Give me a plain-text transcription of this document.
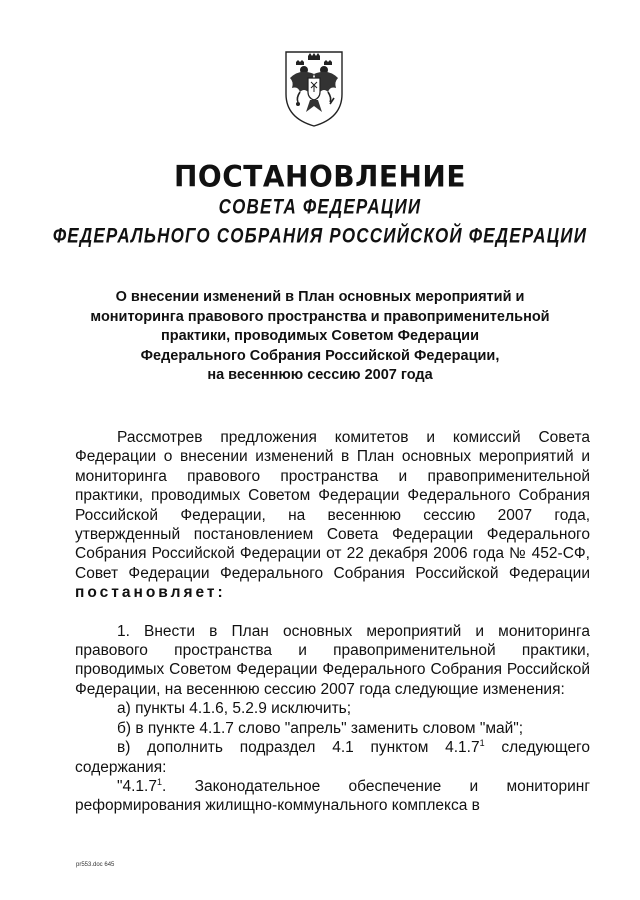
ПОСТАНОВЛЕНИЕ
СОВЕТА ФЕДЕРАЦИИ
ФЕДЕРАЛЬНОГО СОБРАНИЯ РОССИЙСКОЙ ФЕДЕРАЦИИ
О внесении изменений в План основных мероприятий и
мониторинга правового пространства и правоприменительной
практики, проводимых Советом Федерации
Федерального Собрания Российской Федерации,
на весеннюю сессию 2007 года

Рассмотрев предложения комитетов и комиссий Совета Федерации о внесении изменений в План основных мероприятий и мониторинга правового пространства и правоприменительной практики, проводимых Советом Федерации Федерального Собрания Российской Федерации, на весеннюю сессию 2007 года, утвержденный постановлением Совета Федерации Федерального Собрания Российской Федерации от 22 декабря 2006 года № 452-СФ, Совет Федерации Федерального Собрания Российской Федерации постановляет:

1. Внести в План основных мероприятий и мониторинга правового пространства и правоприменительной практики, проводимых Советом Федерации Федерального Собрания Российской Федерации, на весеннюю сессию 2007 года следующие изменения:

а) пункты 4.1.6, 5.2.9 исключить;

б) в пункте 4.1.7 слово "апрель" заменить словом "май";

в) дополнить подраздел 4.1 пунктом 4.1.7$^1$ следующего содержания:

"4.1.7$^1$. Законодательное обеспечение и мониторинг реформирования жилищно-коммунального комплекса в

pr553.doc 645
